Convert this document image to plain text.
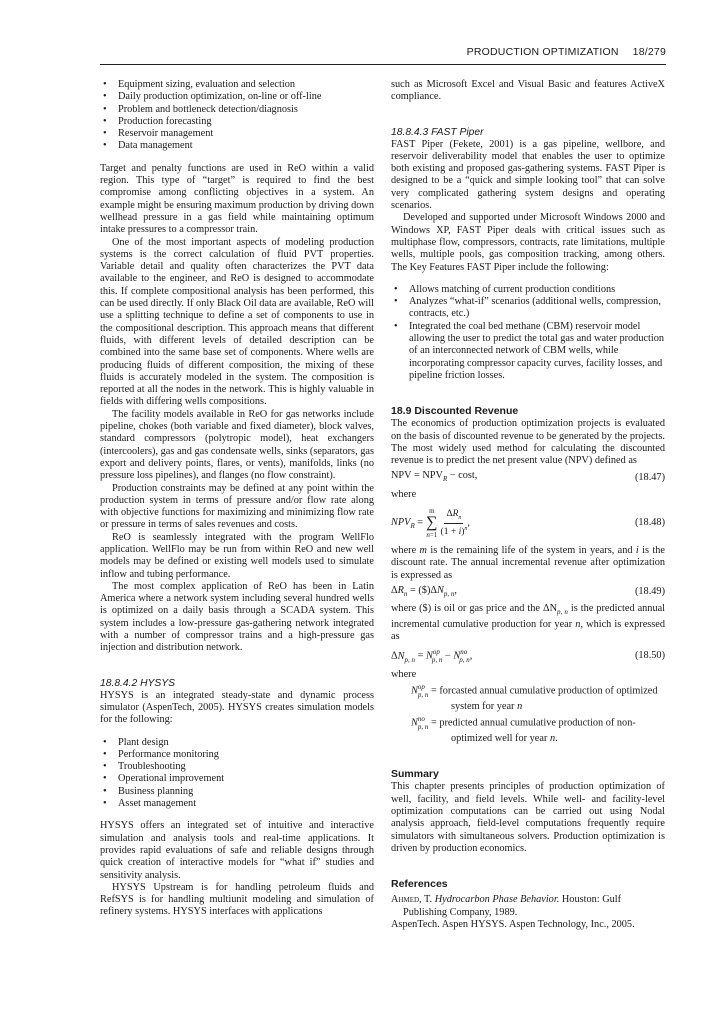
PRODUCTION OPTIMIZATION 18/279
• Equipment sizing, evaluation and selection
• Daily production optimization, on-line or off-line
• Problem and bottleneck detection/diagnosis
• Production forecasting
• Reservoir management
• Data management

Target and penalty functions are used in ReO within a valid region. This type of “target” is required to find the best compromise among conflicting objectives in a system. An example might be ensuring maximum production by driving down wellhead pressure in a gas field while maintaining optimum intake pressures to a compressor train.

One of the most important aspects of modeling production systems is the correct calculation of fluid PVT properties. Variable detail and quality often characterizes the PVT data available to the engineer, and ReO is designed to accommodate this. If complete compositional analysis has been performed, this can be used directly. If only Black Oil data are available, ReO will use a splitting technique to define a set of components to use in the compositional description. This approach means that different fluids, with different levels of detailed description can be combined into the same base set of components. Where wells are producing fluids of different composition, the mixing of these fluids is accurately modeled in the system. The composition is reported at all the nodes in the network. This is highly valuable in fields with differing wells compositions.

The facility models available in ReO for gas networks include pipeline, chokes (both variable and fixed diameter), block valves, standard compressors (polytropic model), heat exchangers (intercoolers), gas and gas condensate wells, sinks (separators, gas export and delivery points, flares, or vents), manifolds, links (no pressure loss pipelines), and flanges (no flow constraint).

Production constraints may be defined at any point within the production system in terms of pressure and/or flow rate along with objective functions for maximizing and minimizing flow rate or pressure in terms of sales revenues and costs.

ReO is seamlessly integrated with the program WellFlo application. WellFlo may be run from within ReO and new well models may be defined or existing well models used to simulate inflow and tubing performance.

The most complex application of ReO has been in Latin America where a network system including several hundred wells is optimized on a daily basis through a SCADA system. This system includes a low-pressure gas-gathering network integrated with a number of compressor trains and a high-pressure gas injection and distribution network.

18.8.4.2 HYSYS

HYSYS is an integrated steady-state and dynamic process simulator (AspenTech, 2005). HYSYS creates simulation models for the following:

• Plant design
• Performance monitoring
• Troubleshooting
• Operational improvement
• Business planning
• Asset management

HYSYS offers an integrated set of intuitive and interactive simulation and analysis tools and real-time applications. It provides rapid evaluations of safe and reliable designs through quick creation of interactive models for “what if” studies and sensitivity analysis.

HYSYS Upstream is for handling petroleum fluids and RefSYS is for handling multiunit modeling and simulation of refinery systems. HYSYS interfaces with applications

such as Microsoft Excel and Visual Basic and features ActiveX compliance.

18.8.4.3 FAST Piper

FAST Piper (Fekete, 2001) is a gas pipeline, wellbore, and reservoir deliverability model that enables the user to optimize both existing and proposed gas-gathering systems. FAST Piper is designed to be a “quick and simple looking tool” that can solve very complicated gathering system designs and operating scenarios.

Developed and supported under Microsoft Windows 2000 and Windows XP, FAST Piper deals with critical issues such as multiphase flow, compressors, contracts, rate limitations, multiple wells, multiple pools, gas composition tracking, among others. The Key Features FAST Piper include the following:

• Allows matching of current production conditions
• Analyzes “what-if” scenarios (additional wells, compression, contracts, etc.)
• Integrated the coal bed methane (CBM) reservoir model allowing the user to predict the total gas and water production of an interconnected network of CBM wells, while incorporating compressor capacity curves, facility losses, and pipeline friction losses.
18.9 Discounted Revenue

The economics of production optimization projects is evaluated on the basis of discounted revenue to be generated by the projects. The most widely used method for calculating the discounted revenue is to predict the net present value (NPV) defined as

NPV = $NPV_R - \cos t$,	(18.47)

where

$NPV_R$ =
m
∑
$n=1 \frac{\Delta R_n}{(1 + i)^n}$ ,	(18.48)

where m is the remaining life of the system in years, and i is the discount rate. The annual incremental revenue after optimization is expressed as

$\Delta R_n$ = $(\$)\Delta N_{p, n}$,	(18.49)

where ($) is oil or gas price and the $\Delta N_{p, n}$ is the predicted annual incremental cumulative production for year n, which is expressed as

$\Delta N_{p, n} = N^{op}_{p, n} - N^{no}_{p, n}$,	(18.50)

where

$N^{op}_{p, n}$ = forcasted annual cumulative production of optimized system for year n
$N^{no}_{p, n}$ = predicted annual cumulative production of non-optimized well for year n.
Summary

This chapter presents principles of production optimization of well, facility, and field levels. While well- and facility-level optimization computations can be carried out using Nodal analysis approach, field-level computations frequently require simulators with simultaneous solvers. Production optimization is driven by production economics.

References

Ahmed, T. Hydrocarbon Phase Behavior. Houston: Gulf Publishing Company, 1989.

AspenTech. Aspen HYSYS. Aspen Technology, Inc., 2005.
